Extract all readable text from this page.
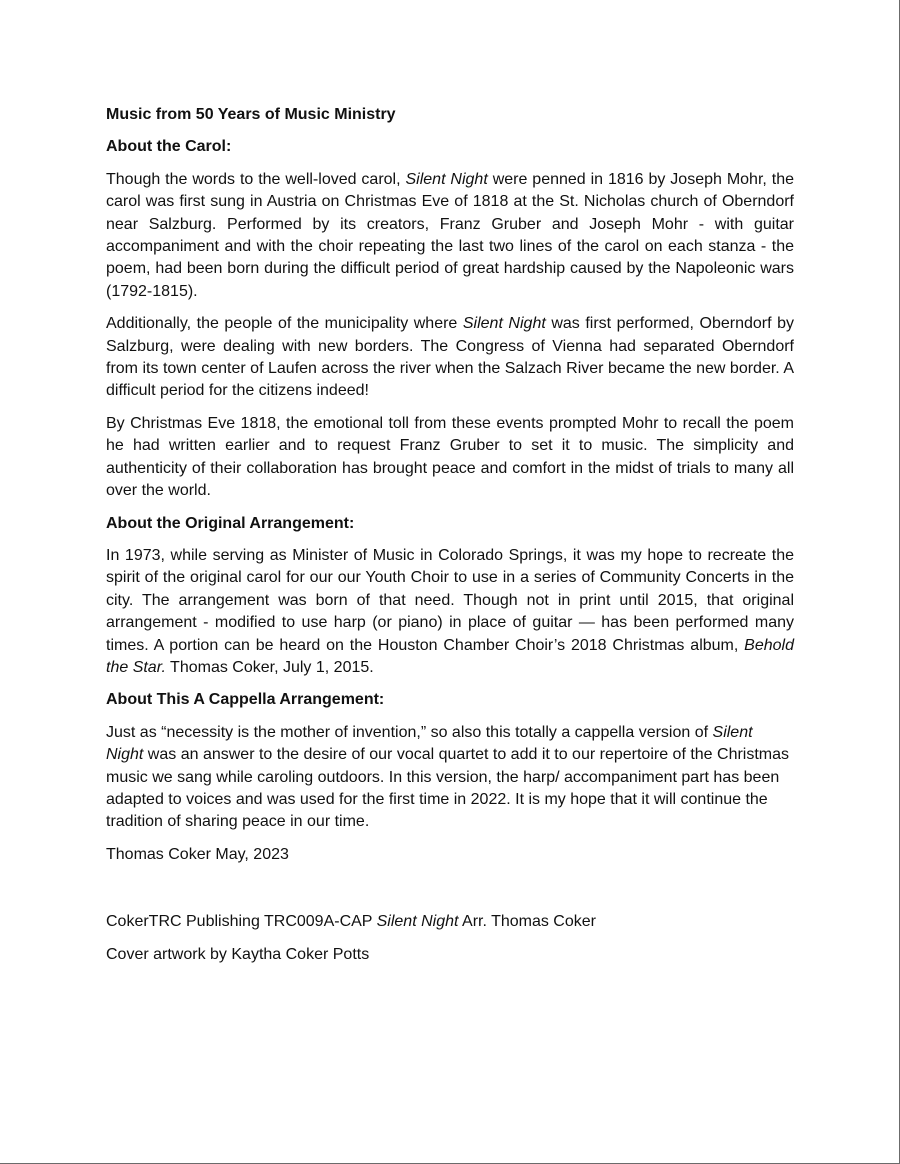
Music from 50 Years of Music Ministry
About the Carol:
Though the words to the well-loved carol, Silent Night were penned in 1816 by Joseph Mohr, the carol was first sung in Austria on Christmas Eve of 1818 at the St. Nicholas church of Oberndorf near Salzburg. Performed by its creators, Franz Gruber and Joseph Mohr - with guitar accompaniment and with the choir repeating the last two lines of the carol on each stanza - the poem, had been born during the difficult period of great hardship caused by the Napoleonic wars (1792-1815).
Additionally, the people of the municipality where Silent Night was first performed, Oberndorf by Salzburg, were dealing with new borders. The Congress of Vienna had separated Oberndorf from its town center of Laufen across the river when the Salzach River became the new border. A difficult period for the citizens indeed!
By Christmas Eve 1818, the emotional toll from these events prompted Mohr to recall the poem he had written earlier and to request Franz Gruber to set it to music. The simplicity and authenticity of their collaboration has brought peace and comfort in the midst of trials to many all over the world.
About the Original Arrangement:
In 1973, while serving as Minister of Music in Colorado Springs, it was my hope to recreate the spirit of the original carol for our our Youth Choir to use in a series of Community Concerts in the city. The arrangement was born of that need. Though not in print until 2015, that original arrangement - modified to use harp (or piano) in place of guitar — has been performed many times. A portion can be heard on the Houston Chamber Choir’s 2018 Christmas album, Behold the Star. Thomas Coker, July 1, 2015.
About This A Cappella Arrangement:
Just as “necessity is the mother of invention,” so also this totally a cappella version of Silent Night was an answer to the desire of our vocal quartet to add it to our repertoire of the Christmas music we sang while caroling outdoors. In this version, the harp/ accompaniment part has been adapted to voices and was used for the first time in 2022. It is my hope that it will continue the tradition of sharing peace in our time.
Thomas Coker May, 2023
CokerTRC Publishing TRC009A-CAP Silent Night Arr. Thomas Coker
Cover artwork by Kaytha Coker Potts
